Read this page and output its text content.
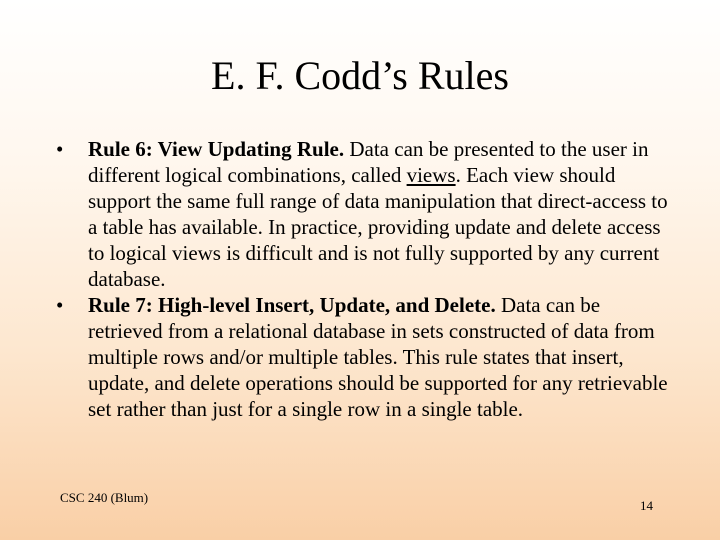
E. F. Codd’s Rules
•	Rule 6: View Updating Rule. Data can be presented to the user in different logical combinations, called views. Each view should support the same full range of data manipulation that direct-access to a table has available. In practice, providing update and delete access to logical views is difficult and is not fully supported by any current database.
•	Rule 7: High-level Insert, Update, and Delete. Data can be retrieved from a relational database in sets constructed of data from multiple rows and/or multiple tables. This rule states that insert, update, and delete operations should be supported for any retrievable set rather than just for a single row in a single table.
CSC 240 (Blum)
14
